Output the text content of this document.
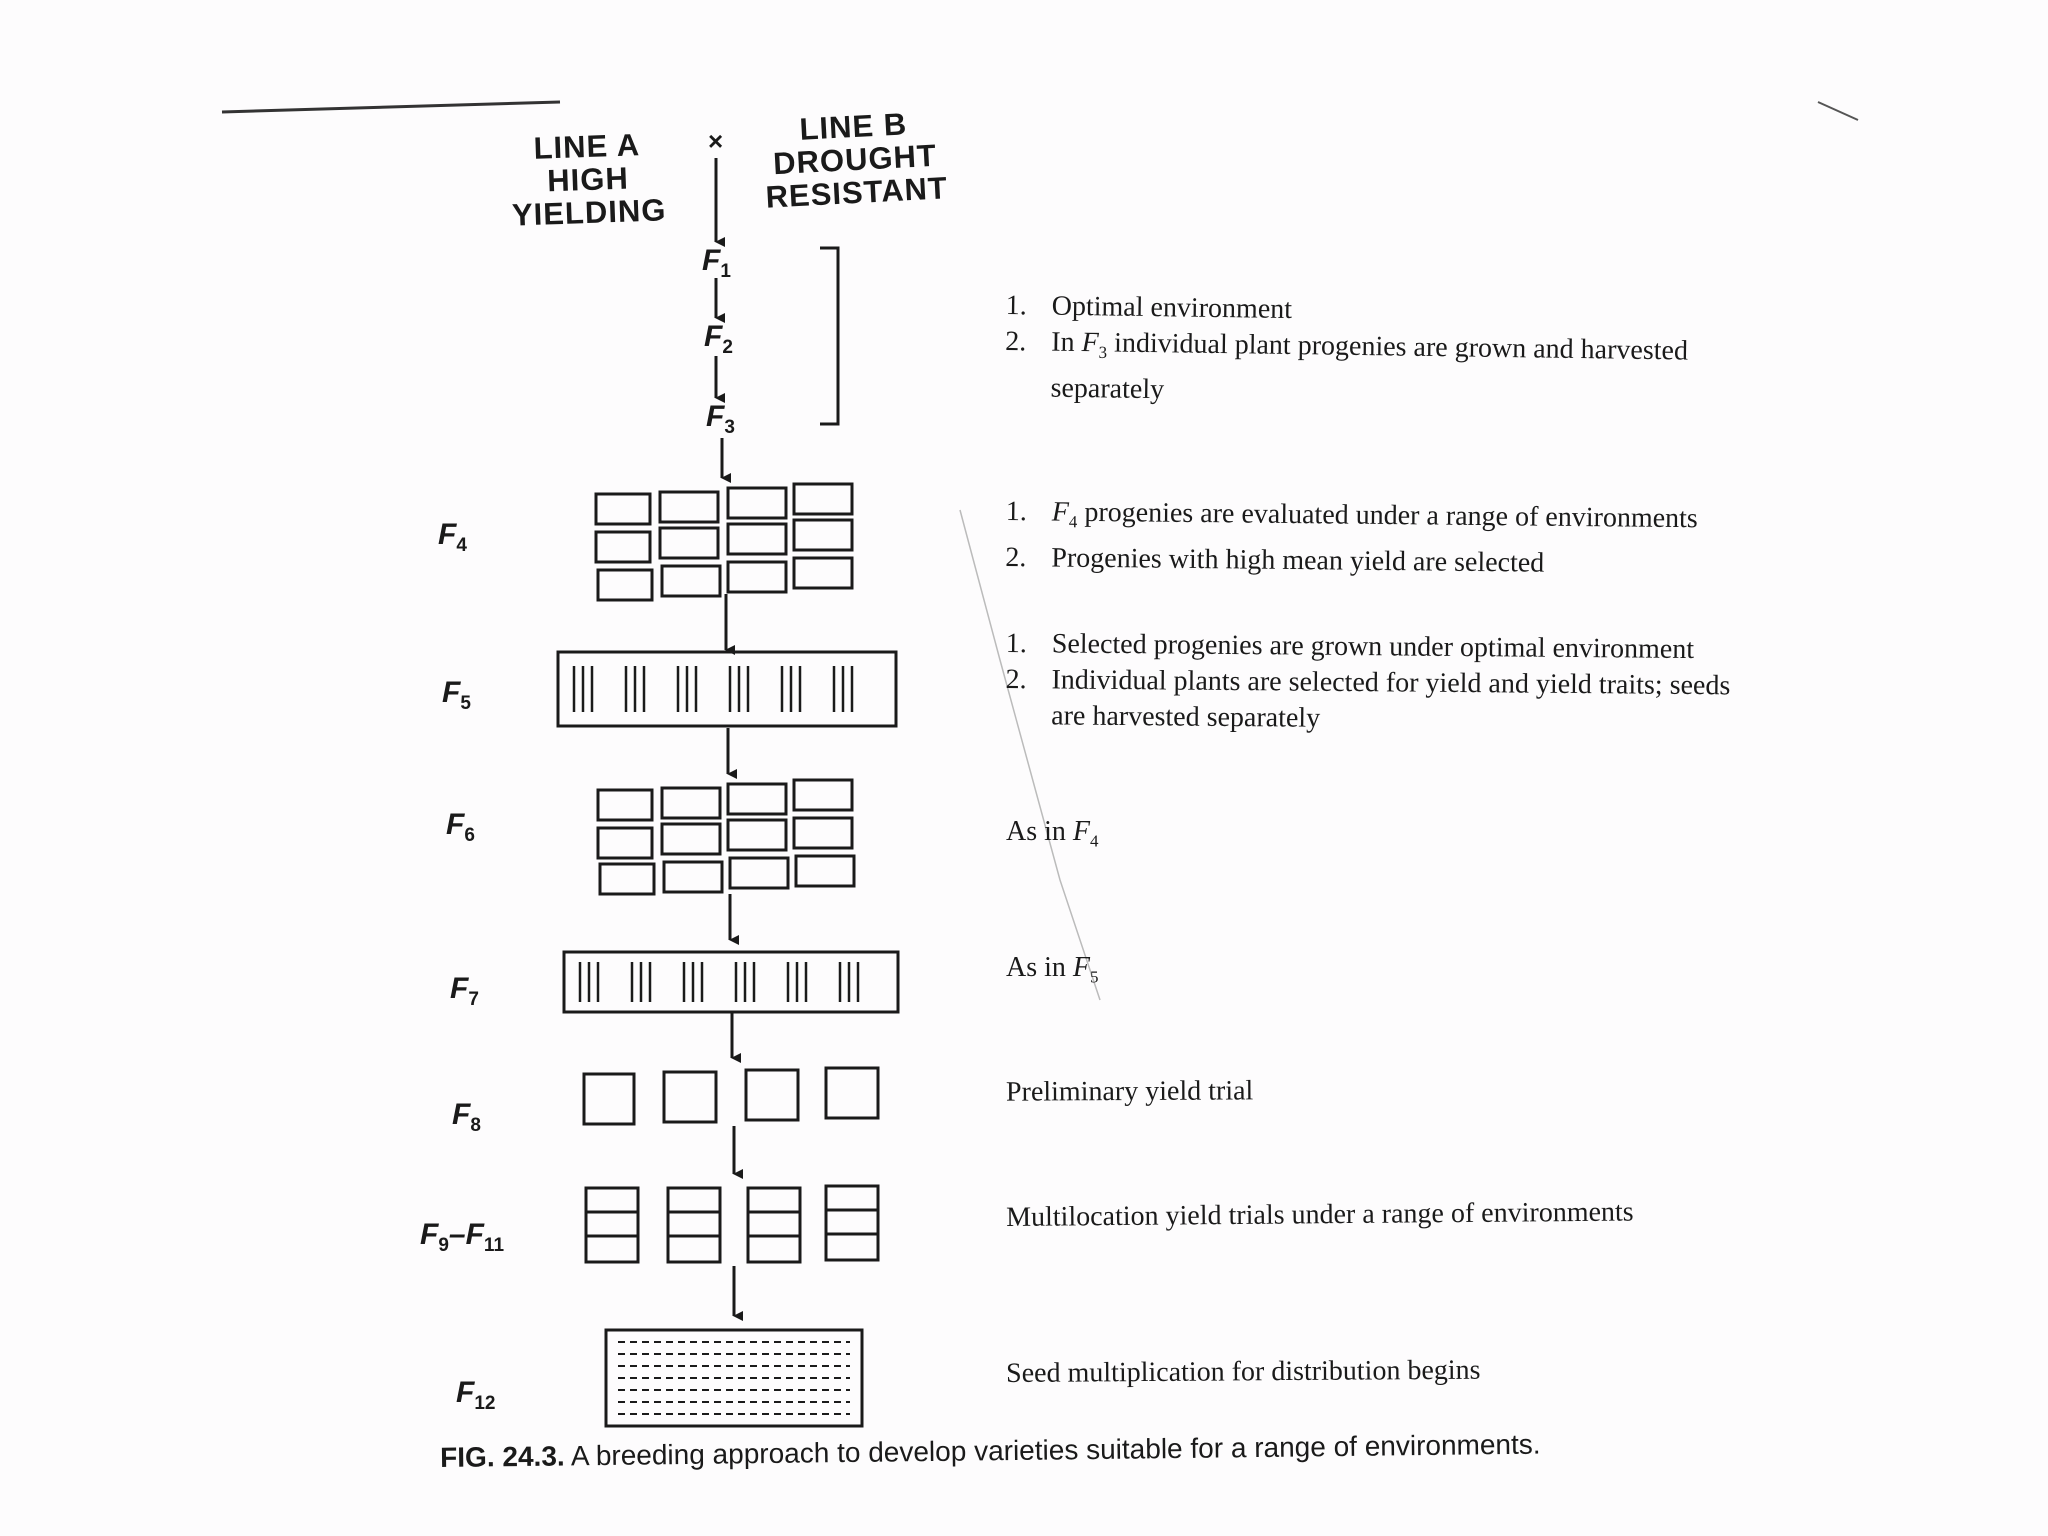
LINE A
HIGH
YIELDING
×	LINE B
DROUGHT
RESISTANT
$F_1$
$F_2$
$F_3$
$F_4$
$F_5$
$F_6$
$F_7$
$F_8$
$F_9-F_{11}$
$F_{12}$
1. Optimal environment
2. In $F_3$ individual plant progenies are grown and harvested
separately
1. $F_4$ progenies are evaluated under a range of environments
2. Progenies with high mean yield are selected
1. Selected progenies are grown under optimal environment
2. Individual plants are selected for yield and yield traits; seeds
are harvested separately
As in $F_4$
As in $F_5$
Preliminary yield trial
Multilocation yield trials under a range of environments
Seed multiplication for distribution begins
FIG. 24.3. A breeding approach to develop varieties suitable for a range of environments.
